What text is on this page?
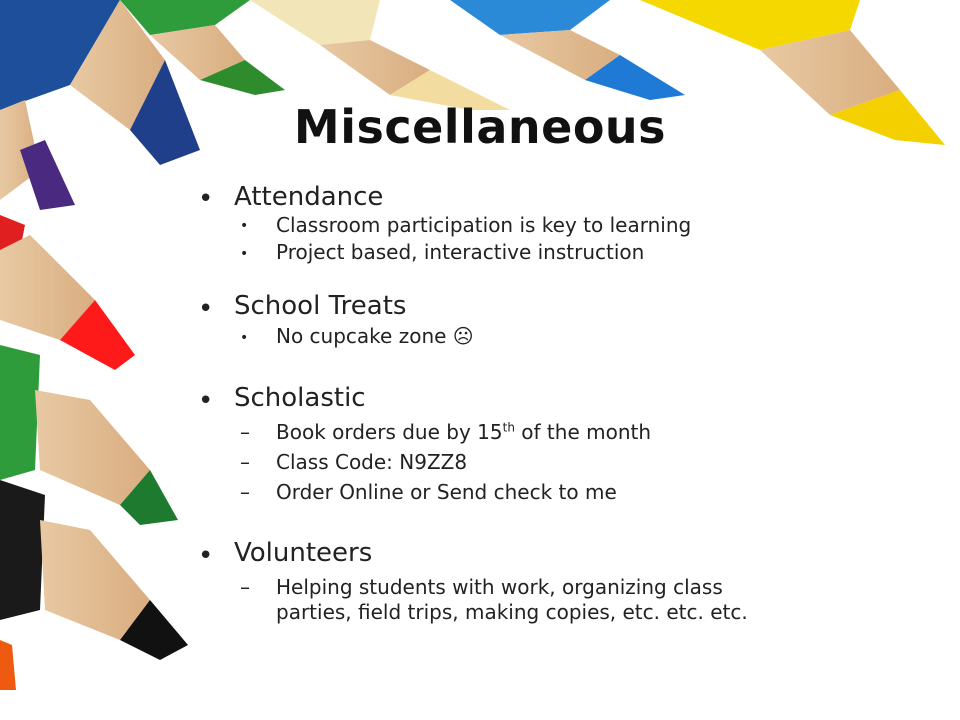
Miscellaneous
• Attendance
• Classroom participation is key to learning
• Project based, interactive instruction
• School Treats
• No cupcake zone ☹
• Scholastic
– Book orders due by 15th of the month
– Class Code: N9ZZ8
– Order Online or Send check to me
• Volunteers
– Helping students with work, organizing class
parties, field trips, making copies, etc. etc. etc.
